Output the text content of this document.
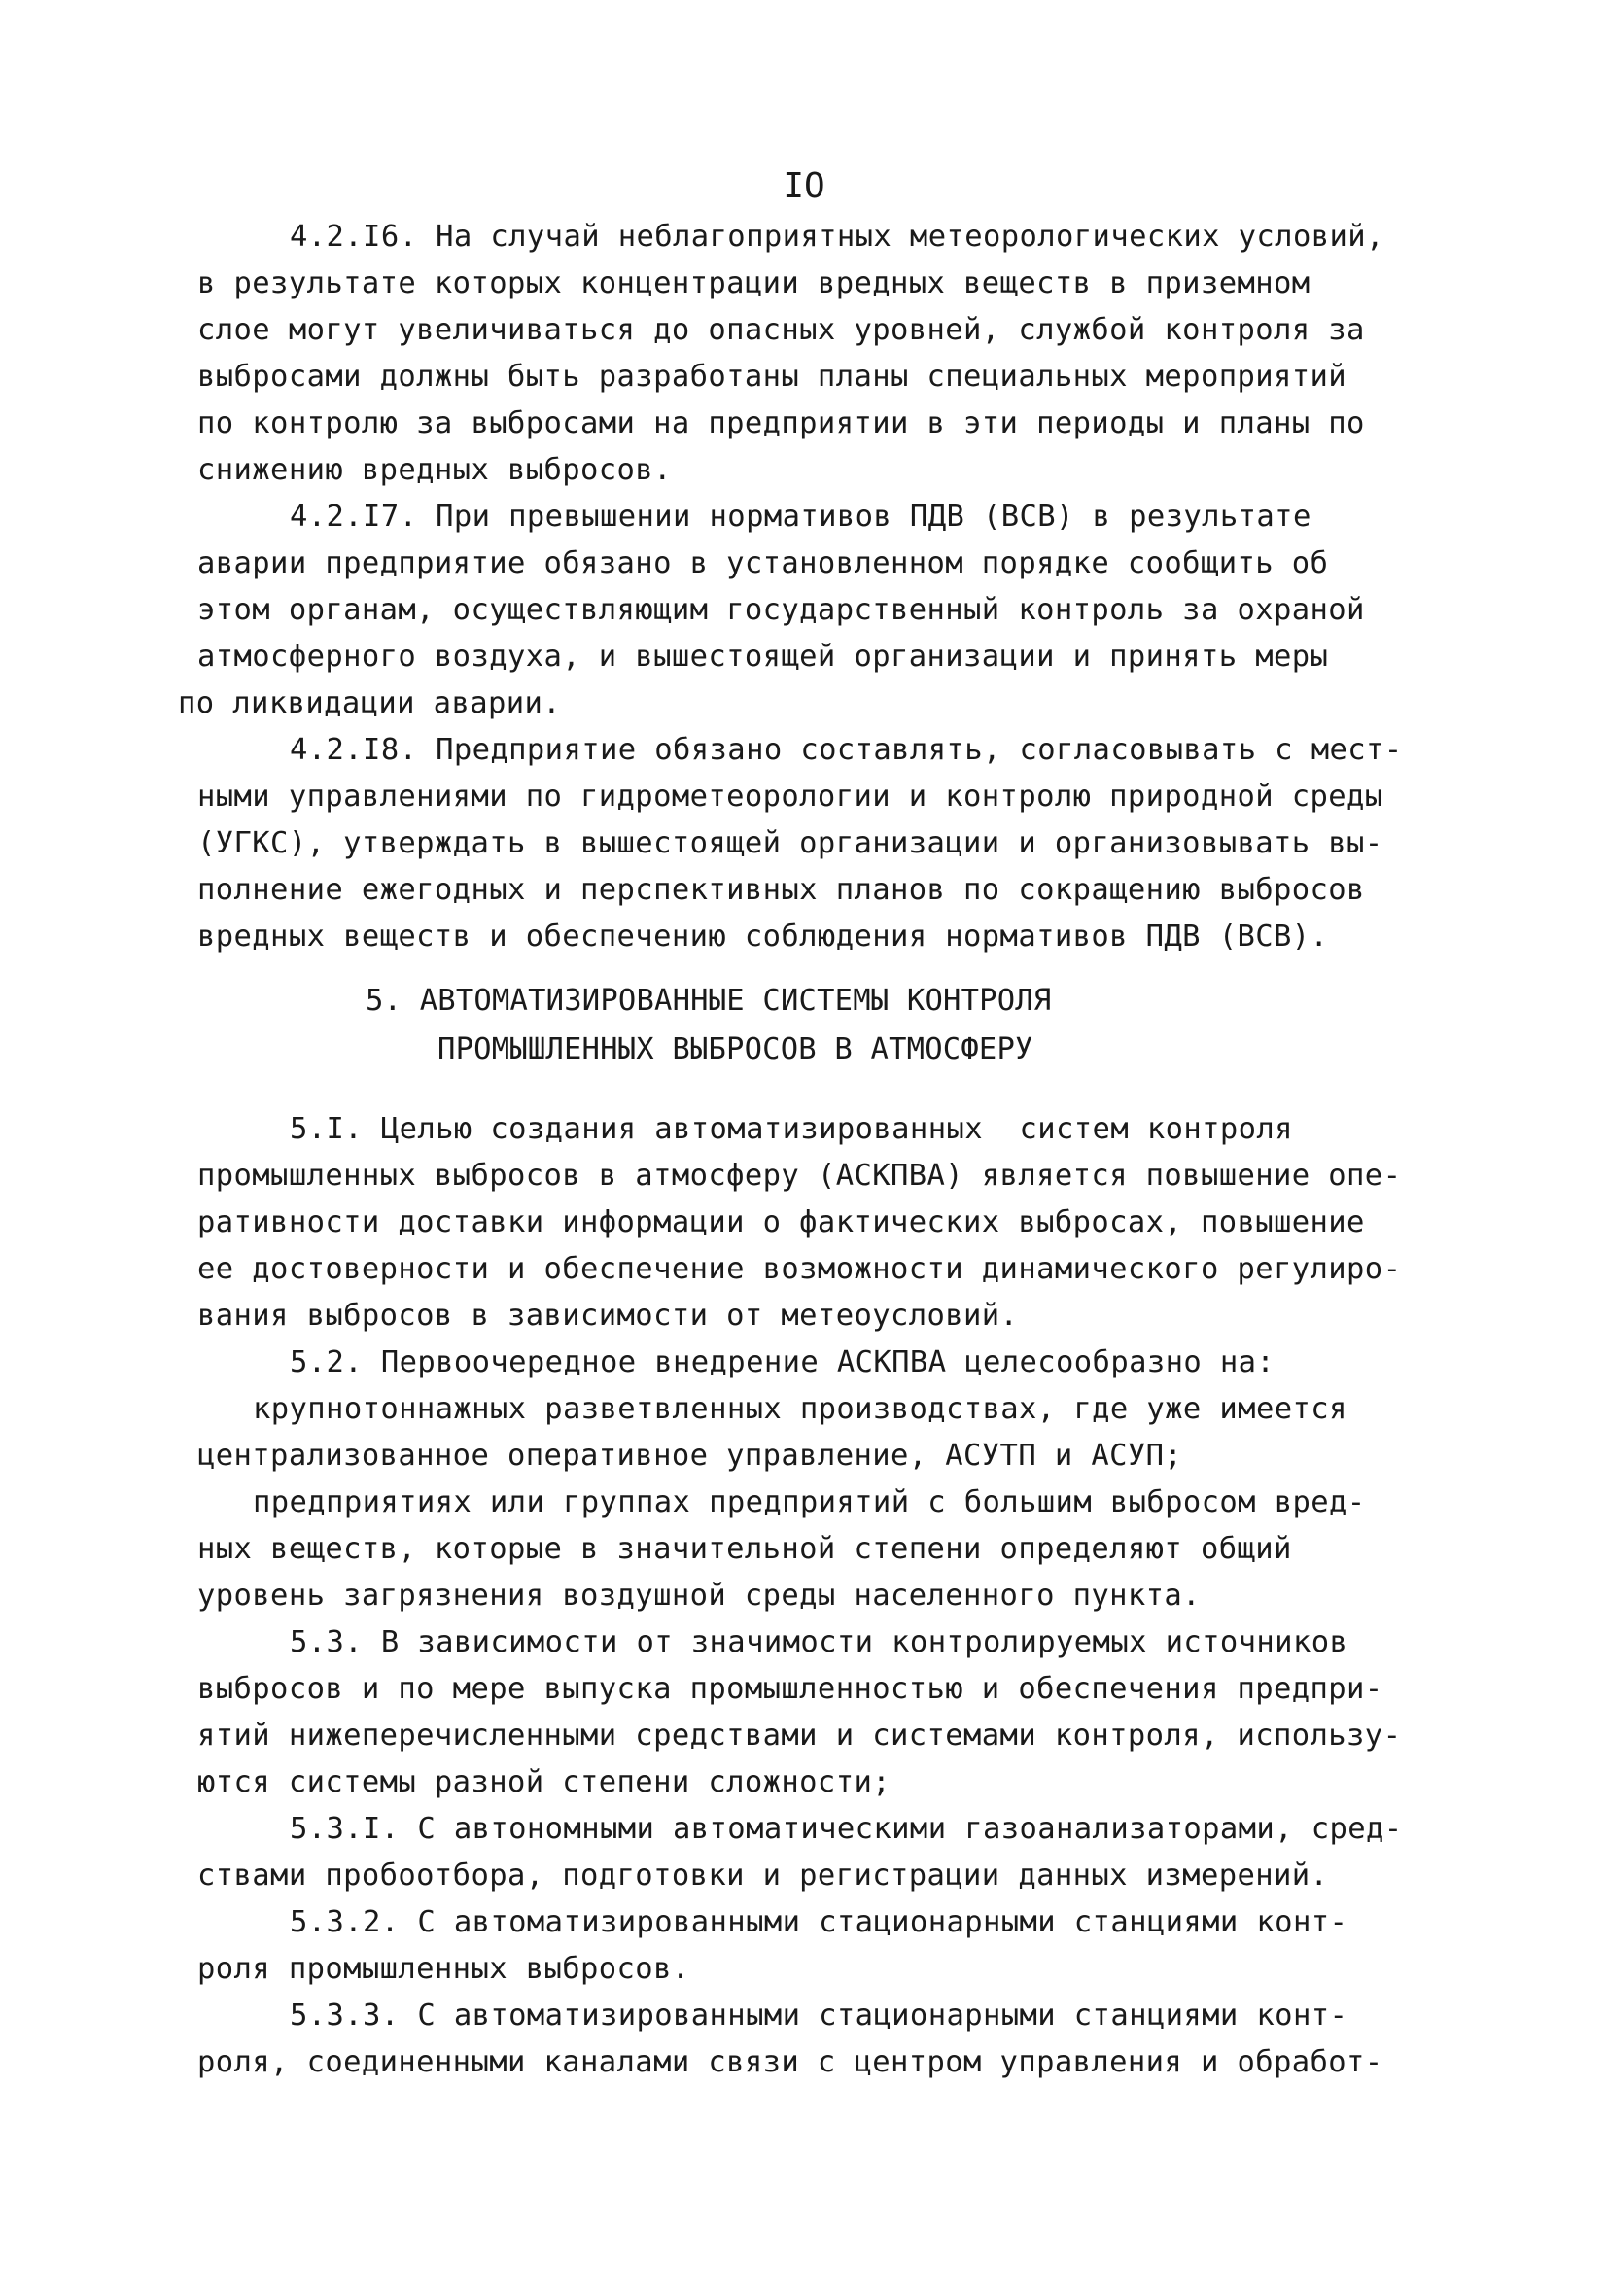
IO
4.2.I6. На случай неблагоприятных метеорологических условий,
в результате которых концентрации вредных веществ в приземном
слое могут увеличиваться до опасных уровней, службой контроля за
выбросами должны быть разработаны планы специальных мероприятий
по контролю за выбросами на предприятии в эти периоды и планы по
снижению вредных выбросов.
4.2.I7. При превышении нормативов ПДВ (ВСВ) в результате
аварии предприятие обязано в установленном порядке сообщить об
этом органам, осуществляющим государственный контроль за охраной
атмосферного воздуха, и вышестоящей организации и принять меры
по ликвидации аварии.
4.2.I8. Предприятие обязано составлять, согласовывать с мест-
ными управлениями по гидрометеорологии и контролю природной среды
(УГКС), утверждать в вышестоящей организации и организовывать вы-
полнение ежегодных и перспективных планов по сокращению выбросов
вредных веществ и обеспечению соблюдения нормативов ПДВ (ВСВ).
5. АВТОМАТИЗИРОВАННЫЕ СИСТЕМЫ КОНТРОЛЯ
ПРОМЫШЛЕННЫХ ВЫБРОСОВ В АТМОСФЕРУ
5.I. Целью создания автоматизированных  систем контроля
промышленных выбросов в атмосферу (АСКПВА) является повышение опе-
ративности доставки информации о фактических выбросах, повышение
ее достоверности и обеспечение возможности динамического регулиро-
вания выбросов в зависимости от метеоусловий.
5.2. Первоочередное внедрение АСКПВА целесообразно на:
крупнотоннажных разветвленных производствах, где уже имеется
централизованное оперативное управление, АСУТП и АСУП;
предприятиях или группах предприятий с большим выбросом вред-
ных веществ, которые в значительной степени определяют общий
уровень загрязнения воздушной среды населенного пункта.
5.3. В зависимости от значимости контролируемых источников
выбросов и по мере выпуска промышленностью и обеспечения предпри-
ятий нижеперечисленными средствами и системами контроля, использу-
ются системы разной степени сложности;
5.3.I. С автономными автоматическими газоанализаторами, сред-
ствами пробоотбора, подготовки и регистрации данных измерений.
5.3.2. С автоматизированными стационарными станциями конт-
роля промышленных выбросов.
5.3.3. С автоматизированными стационарными станциями конт-
роля, соединенными каналами связи с центром управления и обработ-
